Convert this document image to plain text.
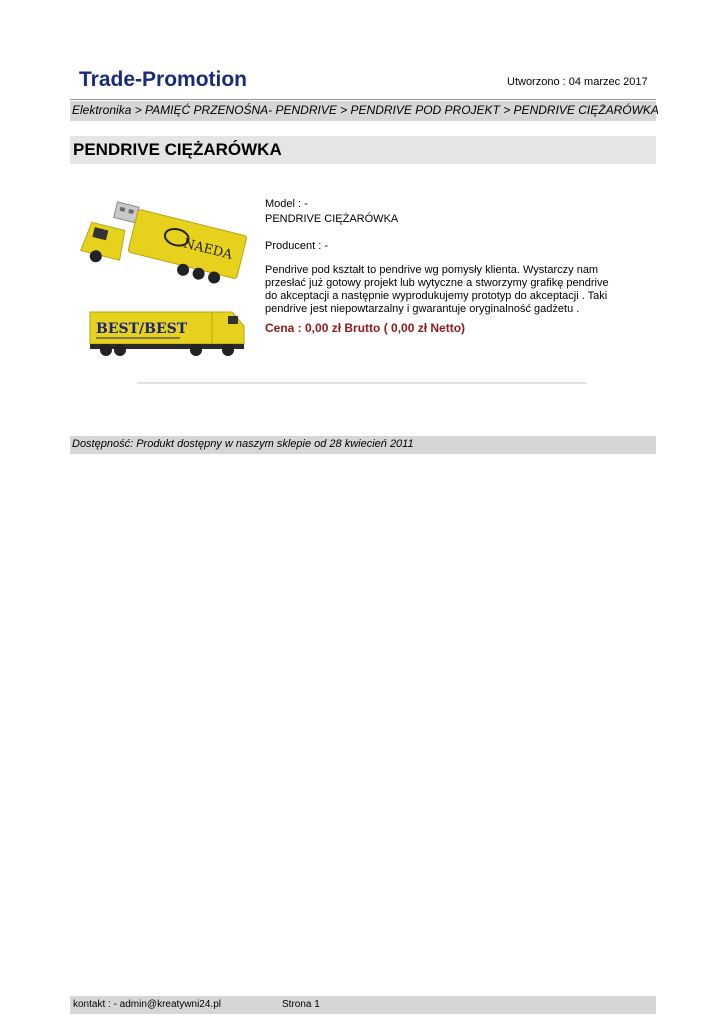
Trade-Promotion	Utworzono : 04 marzec 2017
Elektronika > PAMIĘĆ PRZENOŚNA- PENDRIVE > PENDRIVE POD PROJEKT > PENDRIVE CIĘŻARÓWKA
PENDRIVE CIĘŻARÓWKA
NAEDA
BEST/BEST
Model : -
PENDRIVE CIĘŻARÓWKA
Producent : -
Pendrive pod kształt to pendrive wg pomysły klienta. Wystarczy nam przesłać już gotowy projekt lub wytyczne a stworzymy grafikę pendrive do akceptacji a następnie wyprodukujemy prototyp do akceptacji . Taki pendrive jest niepowtarzalny i gwarantuje oryginalność gadżetu .
Cena : 0,00 zł Brutto ( 0,00 zł Netto)
Dostępność: Produkt dostępny w naszym sklepie od 28 kwiecień 2011
kontakt : - admin@kreatywni24.pl	Strona 1
